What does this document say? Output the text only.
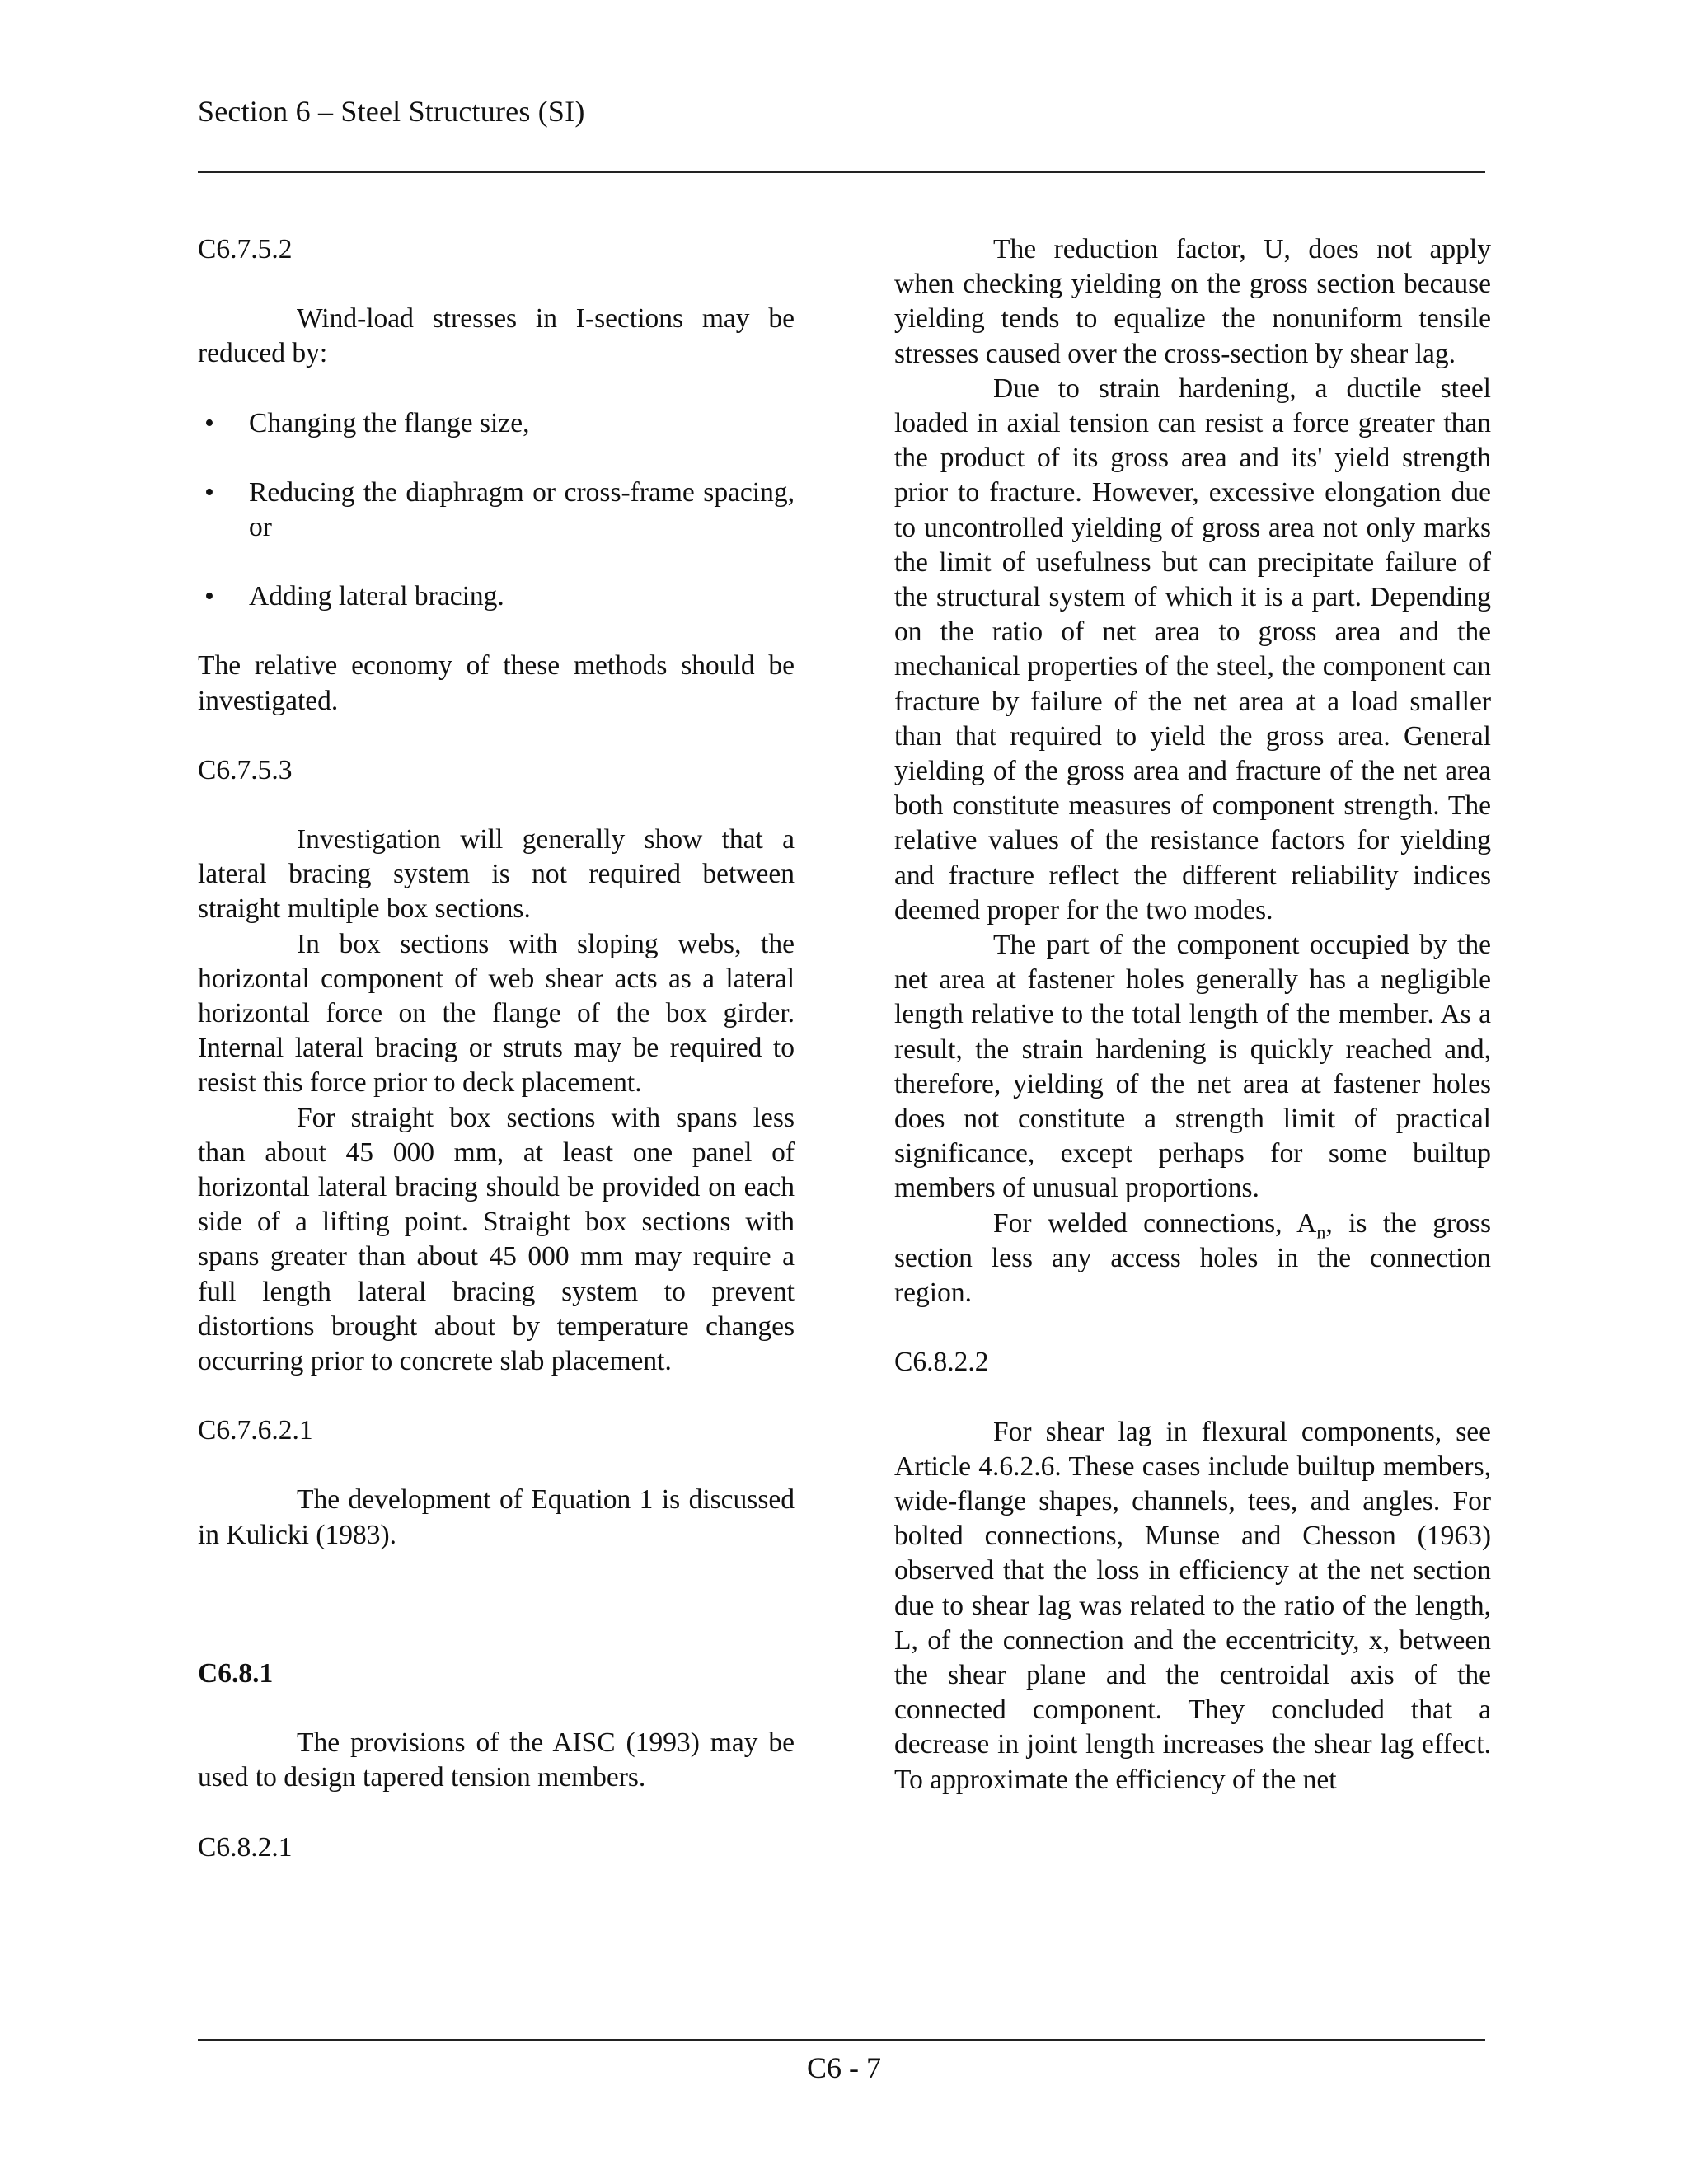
Section 6 – Steel Structures (SI)

C6.7.5.2

Wind-load stresses in I-sections may be reduced by:

• Changing the flange size,
• Reducing the diaphragm or cross-frame spacing, or
• Adding lateral bracing.

The relative economy of these methods should be investigated.

C6.7.5.3

Investigation will generally show that a lateral bracing system is not required between straight multiple box sections.

In box sections with sloping webs, the horizontal component of web shear acts as a lateral horizontal force on the flange of the box girder. Internal lateral bracing or struts may be required to resist this force prior to deck placement.

For straight box sections with spans less than about 45 000 mm, at least one panel of horizontal lateral bracing should be provided on each side of a lifting point. Straight box sections with spans greater than about 45 000 mm may require a full length lateral bracing system to prevent distortions brought about by temperature changes occurring prior to concrete slab placement.

C6.7.6.2.1

The development of Equation 1 is discussed in Kulicki (1983).

C6.8.1

The provisions of the AISC (1993) may be used to design tapered tension members.

C6.8.2.1

The reduction factor, U, does not apply when checking yielding on the gross section because yielding tends to equalize the nonuniform tensile stresses caused over the cross-section by shear lag.

Due to strain hardening, a ductile steel loaded in axial tension can resist a force greater than the product of its gross area and its' yield strength prior to fracture. However, excessive elongation due to uncontrolled yielding of gross area not only marks the limit of usefulness but can precipitate failure of the structural system of which it is a part. Depending on the ratio of net area to gross area and the mechanical properties of the steel, the component can fracture by failure of the net area at a load smaller than that required to yield the gross area. General yielding of the gross area and fracture of the net area both constitute measures of component strength. The relative values of the resistance factors for yielding and fracture reflect the different reliability indices deemed proper for the two modes.

The part of the component occupied by the net area at fastener holes generally has a negligible length relative to the total length of the member. As a result, the strain hardening is quickly reached and, therefore, yielding of the net area at fastener holes does not constitute a strength limit of practical significance, except perhaps for some builtup members of unusual proportions.

For welded connections, $A_n$, is the gross section less any access holes in the connection region.

C6.8.2.2

For shear lag in flexural components, see Article 4.6.2.6. These cases include builtup members, wide-flange shapes, channels, tees, and angles. For bolted connections, Munse and Chesson (1963) observed that the loss in efficiency at the net section due to shear lag was related to the ratio of the length, L, of the connection and the eccentricity, x, between the shear plane and the centroidal axis of the connected component. They concluded that a decrease in joint length increases the shear lag effect. To approximate the efficiency of the net

C6 - 7
